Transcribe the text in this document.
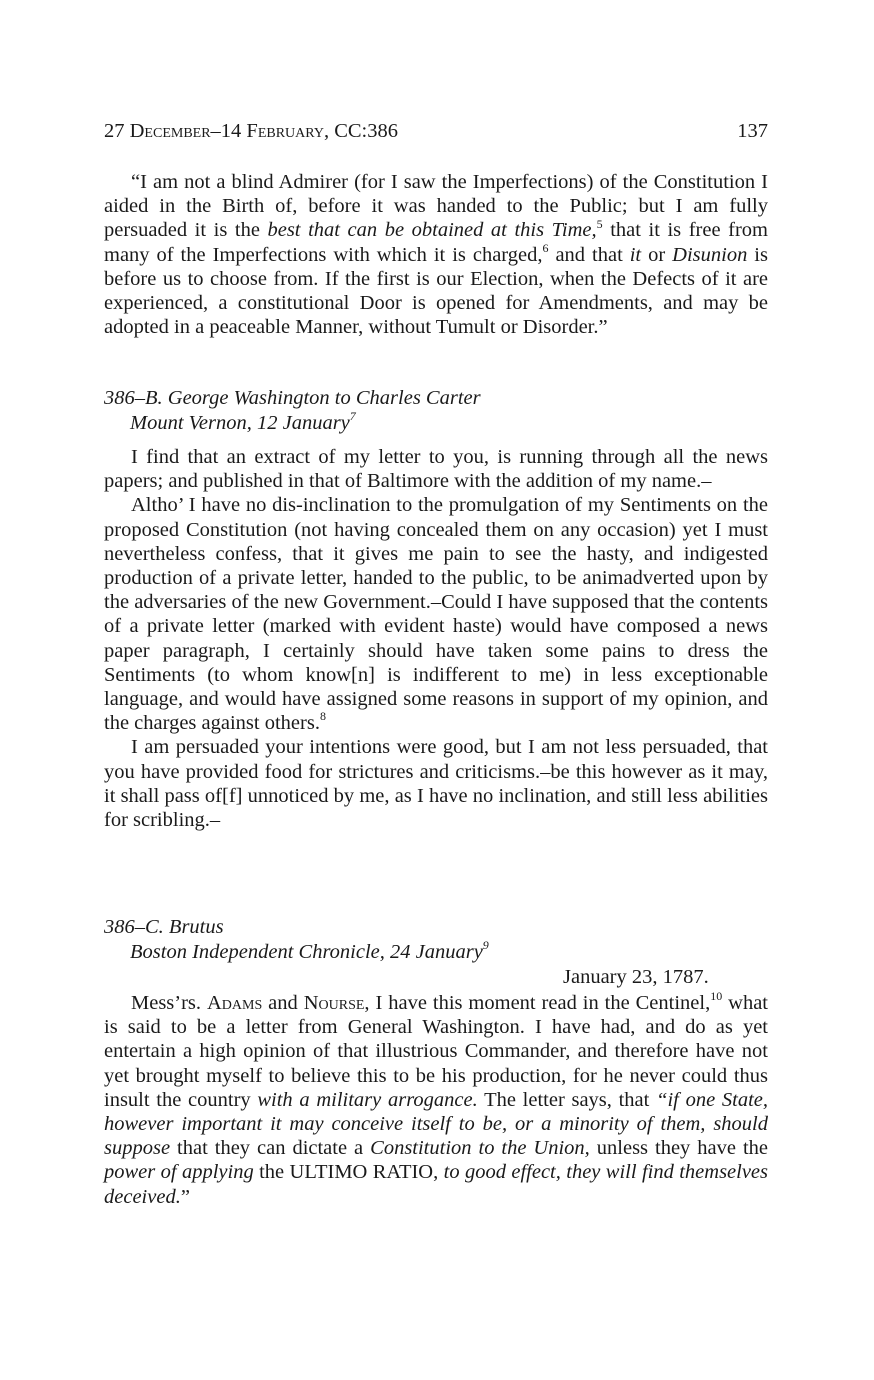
27 December–14 February, CC:386	137

“I am not a blind Admirer (for I saw the Imperfections) of the Constitution I aided in the Birth of, before it was handed to the Public; but I am fully persuaded it is the best that can be obtained at this Time,$^5$ that it is free from many of the Imperfections with which it is charged,$^6$ and that it or Disunion is before us to choose from. If the first is our Election, when the Defects of it are experienced, a constitutional Door is opened for Amendments, and may be adopted in a peaceable Manner, without Tumult or Disorder.”

386–B. George Washington to Charles Carter
Mount Vernon, 12 January$^7$

I find that an extract of my letter to you, is running through all the news papers; and published in that of Baltimore with the addition of my name.–

Altho’ I have no dis-inclination to the promulgation of my Sentiments on the proposed Constitution (not having concealed them on any occasion) yet I must nevertheless confess, that it gives me pain to see the hasty, and indigested production of a private letter, handed to the public, to be animadverted upon by the adversaries of the new Government.–Could I have supposed that the contents of a private letter (marked with evident haste) would have composed a news paper paragraph, I certainly should have taken some pains to dress the Sentiments (to whom know[n] is indifferent to me) in less exceptionable language, and would have assigned some reasons in support of my opinion, and the charges against others.$^8$

I am persuaded your intentions were good, but I am not less persuaded, that you have provided food for strictures and criticisms.–be this however as it may, it shall pass of[f] unnoticed by me, as I have no inclination, and still less abilities for scribling.–

386–C. Brutus
Boston Independent Chronicle, 24 January$^9$
January 23, 1787.

Mess’rs. Adams and Nourse, I have this moment read in the Centinel,$^{10}$ what is said to be a letter from General Washington. I have had, and do as yet entertain a high opinion of that illustrious Commander, and therefore have not yet brought myself to believe this to be his production, for he never could thus insult the country with a military arrogance. The letter says, that “if one State, however important it may conceive itself to be, or a minority of them, should suppose that they can dictate a Constitution to the Union, unless they have the power of applying the ULTIMO RATIO, to good effect, they will find themselves deceived.”
